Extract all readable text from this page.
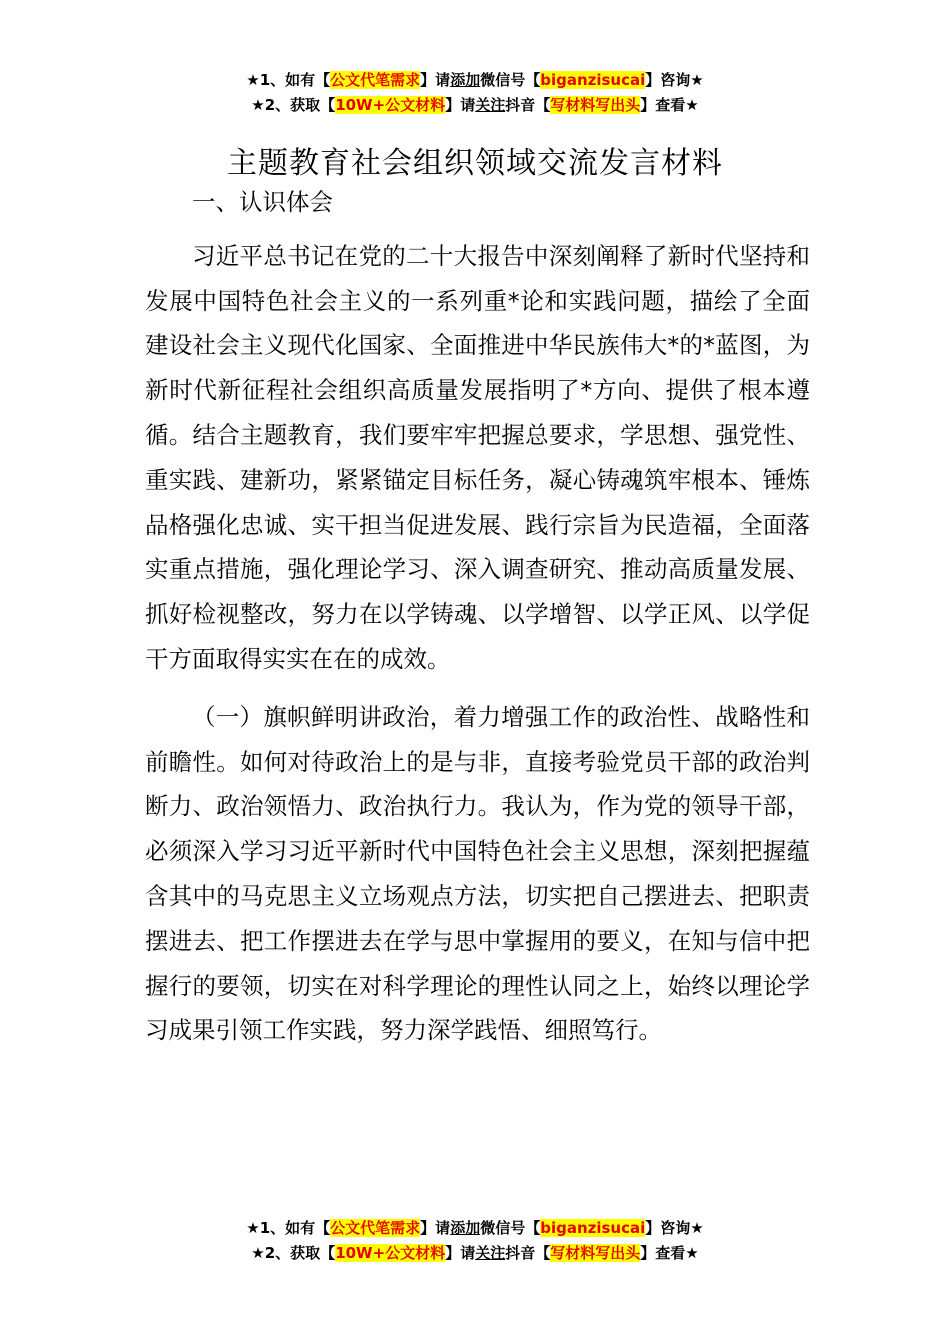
★1、如有【公文代笔需求】请添加微信号【biganzisucai】咨询★
★2、获取【10W+公文材料】请关注抖音【写材料写出头】查看★
主题教育社会组织领域交流发言材料

一、认识体会

习近平总书记在党的二十大报告中深刻阐释了新时代坚持和发展中国特色社会主义的一系列重*论和实践问题，描绘了全面建设社会主义现代化国家、全面推进中华民族伟大*的*蓝图，为新时代新征程社会组织高质量发展指明了*方向、提供了根本遵循。结合主题教育，我们要牢牢把握总要求，学思想、强党性、重实践、建新功，紧紧锚定目标任务，凝心铸魂筑牢根本、锤炼品格强化忠诚、实干担当促进发展、践行宗旨为民造福，全面落实重点措施，强化理论学习、深入调查研究、推动高质量发展、抓好检视整改，努力在以学铸魂、以学增智、以学正风、以学促干方面取得实实在在的成效。

（一）旗帜鲜明讲政治，着力增强工作的政治性、战略性和前瞻性。如何对待政治上的是与非，直接考验党员干部的政治判断力、政治领悟力、政治执行力。我认为，作为党的领导干部，必须深入学习习近平新时代中国特色社会主义思想，深刻把握蕴含其中的马克思主义立场观点方法，切实把自己摆进去、把职责摆进去、把工作摆进去在学与思中掌握用的要义，在知与信中把握行的要领，切实在对科学理论的理性认同之上，始终以理论学习成果引领工作实践，努力深学践悟、细照笃行。

★1、如有【公文代笔需求】请添加微信号【biganzisucai】咨询★
★2、获取【10W+公文材料】请关注抖音【写材料写出头】查看★
